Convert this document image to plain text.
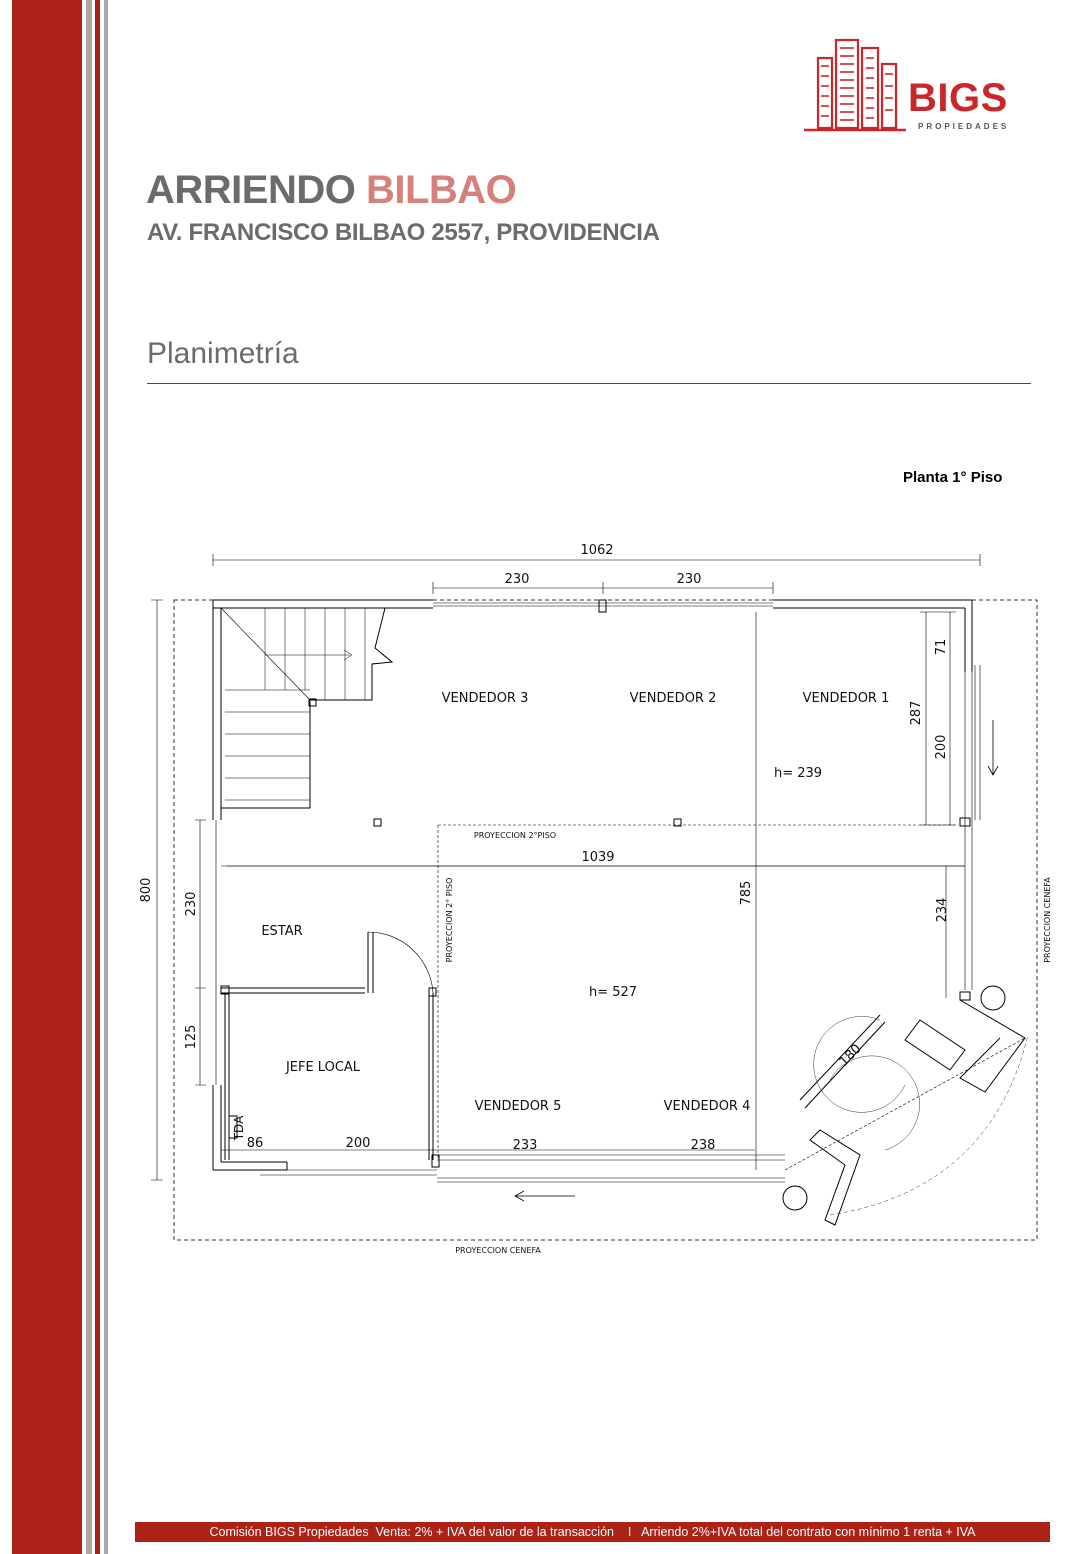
BIGS
PROPIEDADES
ARRIENDO BILBAO
AV. FRANCISCO BILBAO 2557, PROVIDENCIA
Planimetría
Planta 1° Piso
VENDEDOR 3	VENDEDOR 2	VENDEDOR 1
ESTAR
JEFE LOCAL
VENDEDOR 5	VENDEDOR 4
h= 239
h= 527
1062
230	230
1039
86	200	233	238
800
230
125
785
71
287
200
234
180
TDA
PROYECCION 2°PISO
PROYECCION 2° PISO
PROYECCION CENEFA
PROYECCION CENEFA
Comisión BIGS Propiedades  Venta: 2% + IVA del valor de la transacción    I   Arriendo 2%+IVA total del contrato con mínimo 1 renta + IVA
